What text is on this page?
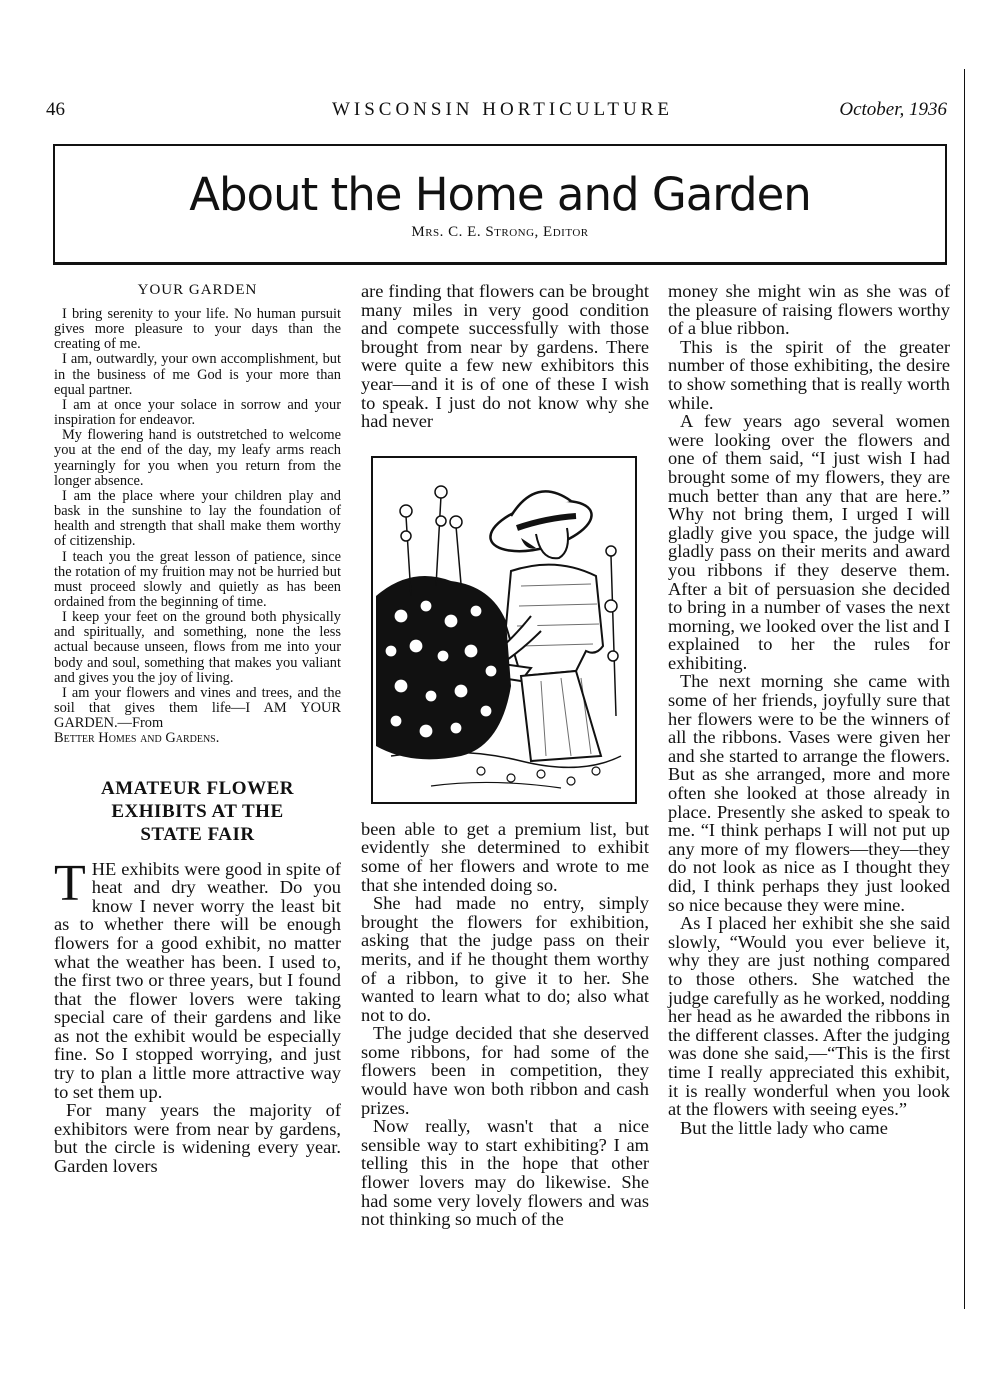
46	WISCONSIN HORTICULTURE	October, 1936
About the Home and Garden
Mrs. C. E. Strong, Editor
YOUR GARDEN

I bring serenity to your life. No human pursuit gives more pleasure to your days than the creating of me.

I am, outwardly, your own accomplishment, but in the business of me God is your more than equal partner.

I am at once your solace in sorrow and your inspiration for endeavor.

My flowering hand is outstretched to welcome you at the end of the day, my leafy arms reach yearningly for you when you return from the longer absence.

I am the place where your children play and bask in the sunshine to lay the foundation of health and strength that shall make them worthy of citizenship.

I teach you the great lesson of patience, since the rotation of my fruition may not be hurried but must proceed slowly and quietly as has been ordained from the beginning of time.

I keep your feet on the ground both physically and spiritually, and something, none the less actual because unseen, flows from me into your body and soul, something that makes you valiant and gives you the joy of living.

I am your flowers and vines and trees, and the soil that gives them life—I AM YOUR GARDEN.—From

Better Homes and Gardens.

AMATEUR FLOWER
EXHIBITS AT THE
STATE FAIR

THE exhibits were good in spite of heat and dry weather. Do you know I never worry the least bit as to whether there will be enough flowers for a good exhibit, no matter what the weather has been. I used to, the first two or three years, but I found that the flower lovers were taking special care of their gardens and like as not the exhibit would be especially fine. So I stopped worrying, and just try to plan a little more attractive way to set them up.

For many years the majority of exhibitors were from near by gardens, but the circle is widening every year. Garden lovers

are finding that flowers can be brought many miles in very good condition and compete successfully with those brought from near by gardens. There were quite a few new exhibitors this year—and it is of one of these I wish to speak. I just do not know why she had never

been able to get a premium list, but evidently she determined to exhibit some of her flowers and wrote to me that she intended doing so.

She had made no entry, simply brought the flowers for exhibition, asking that the judge pass on their merits, and if he thought them worthy of a ribbon, to give it to her. She wanted to learn what to do; also what not to do.

The judge decided that she deserved some ribbons, for had some of the flowers been in competition, they would have won both ribbon and cash prizes.

Now really, wasn't that a nice sensible way to start exhibiting? I am telling this in the hope that other flower lovers may do likewise. She had some very lovely flowers and was not thinking so much of the

money she might win as she was of the pleasure of raising flowers worthy of a blue ribbon.

This is the spirit of the greater number of those exhibiting, the desire to show something that is really worth while.

A few years ago several women were looking over the flowers and one of them said, “I just wish I had brought some of my flowers, they are much better than any that are here.” Why not bring them, I urged I will gladly give you space, the judge will gladly pass on their merits and award you ribbons if they deserve them. After a bit of persuasion she decided to bring in a number of vases the next morning, we looked over the list and I explained to her the rules for exhibiting.

The next morning she came with some of her friends, joyfully sure that her flowers were to be the winners of all the ribbons. Vases were given her and she started to arrange the flowers. But as she arranged, more and more often she looked at those already in place. Presently she asked to speak to me. “I think perhaps I will not put up any more of my flowers—they—they do not look as nice as I thought they did, I think perhaps they just looked so nice because they were mine.

As I placed her exhibit she she said slowly, “Would you ever believe it, why they are just nothing compared to those others. She watched the judge carefully as he worked, nodding her head as he awarded the ribbons in the different classes. After the judging was done she said,—“This is the first time I really appreciated this exhibit, it is really wonderful when you look at the flowers with seeing eyes.”

But the little lady who came
